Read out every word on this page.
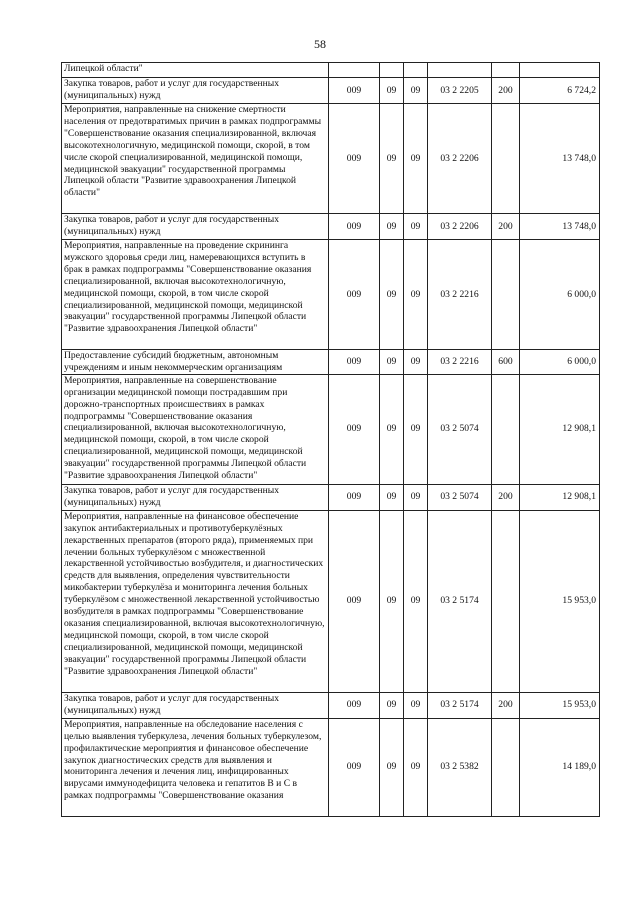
58
Липецкой области"						
Закупка товаров, работ и услуг для государственных (муниципальных) нужд	009	09	09	03 2 2205	200	6 724,2
Мероприятия, направленные на снижение смертности населения от предотвратимых причин в рамках подпрограммы "Совершенствование оказания специализированной, включая высокотехнологичную, медицинской помощи, скорой, в том числе скорой специализированной, медицинской помощи, медицинской эвакуации" государственной программы Липецкой области "Развитие здравоохранения Липецкой области"	009	09	09	03 2 2206		13 748,0
Закупка товаров, работ и услуг для государственных (муниципальных) нужд	009	09	09	03 2 2206	200	13 748,0
Мероприятия, направленные на проведение скрининга мужского здоровья среди лиц, намеревающихся вступить в брак в рамках подпрограммы "Совершенствование оказания специализированной, включая высокотехнологичную, медицинской помощи, скорой, в том числе скорой специализированной, медицинской помощи, медицинской эвакуации" государственной программы Липецкой области "Развитие здравоохранения Липецкой области"	009	09	09	03 2 2216		6 000,0
Предоставление субсидий бюджетным, автономным учреждениям и иным некоммерческим организациям	009	09	09	03 2 2216	600	6 000,0
Мероприятия, направленные на совершенствование организации медицинской помощи пострадавшим при дорожно-транспортных происшествиях в рамках подпрограммы "Совершенствование оказания специализированной, включая высокотехнологичную, медицинской помощи, скорой, в том числе скорой специализированной, медицинской помощи, медицинской эвакуации" государственной программы Липецкой области "Развитие здравоохранения Липецкой области"	009	09	09	03 2 5074		12 908,1
Закупка товаров, работ и услуг для государственных (муниципальных) нужд	009	09	09	03 2 5074	200	12 908,1
Мероприятия, направленные на финансовое обеспечение закупок антибактериальных и противотуберкулёзных лекарственных препаратов (второго ряда), применяемых при лечении больных туберкулёзом с множественной лекарственной устойчивостью возбудителя, и диагностических средств для выявления, определения чувствительности микобактерии туберкулёза и мониторинга лечения больных туберкулёзом с множественной лекарственной устойчивостью возбудителя в рамках подпрограммы "Совершенствование оказания специализированной, включая высокотехнологичную, медицинской помощи, скорой, в том числе скорой специализированной, медицинской помощи, медицинской эвакуации" государственной программы Липецкой области "Развитие здравоохранения Липецкой области"	009	09	09	03 2 5174		15 953,0
Закупка товаров, работ и услуг для государственных (муниципальных) нужд	009	09	09	03 2 5174	200	15 953,0
Мероприятия, направленные на обследование населения с целью выявления туберкулеза, лечения больных туберкулезом, профилактические мероприятия и финансовое обеспечение закупок диагностических средств для выявления и мониторинга лечения и лечения лиц, инфицированных вирусами иммунодефицита человека и гепатитов B и C в рамках подпрограммы "Совершенствование оказания	009	09	09	03 2 5382		14 189,0
